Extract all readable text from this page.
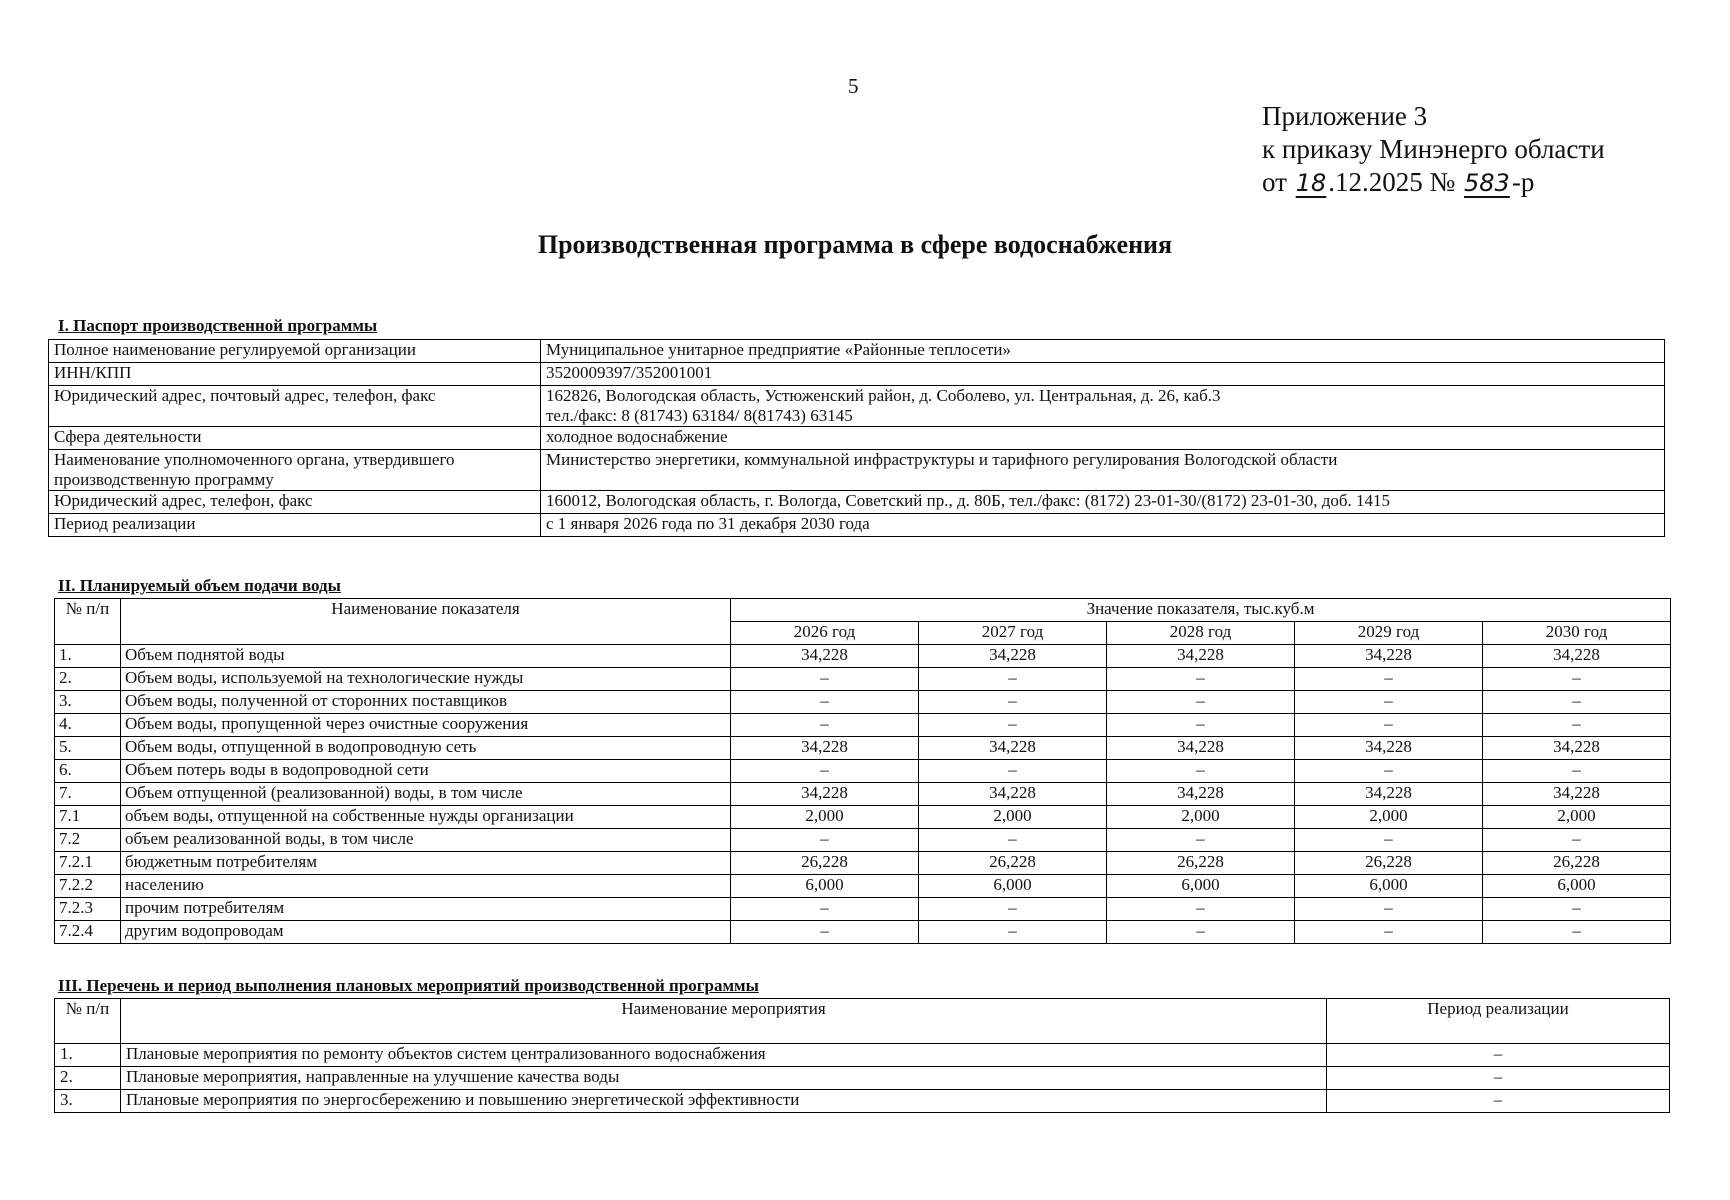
5
Приложение 3
к приказу Минэнерго области
от 18.12.2025 № 583-р
Производственная программа в сфере водоснабжения
I. Паспорт производственной программы
Полное наименование регулируемой организации	Муниципальное унитарное предприятие «Районные теплосети»

ИНН/КПП	3520009397/352001001

Юридический адрес, почтовый адрес, телефон, факс	162826, Вологодская область, Устюженский район, д. Соболево, ул. Центральная, д. 26, каб.3
тел./факс: 8 (81743) 63184/ 8(81743) 63145

Сфера деятельности	холодное водоснабжение

Наименование уполномоченного органа, утвердившего производственную программу	Министерство энергетики, коммунальной инфраструктуры и тарифного регулирования Вологодской области

Юридический адрес, телефон, факс	160012, Вологодская область, г. Вологда, Советский пр., д. 80Б, тел./факс: (8172) 23-01-30/(8172) 23-01-30, доб. 1415

Период реализации	с 1 января 2026 года по 31 декабря 2030 года
II. Планируемый объем подачи воды
№ п/п	Наименование показателя	Значение показателя, тыс.куб.м				
		2026 год	2027 год	2028 год	2029 год	2030 год
1.	Объем поднятой воды	34,228	34,228	34,228	34,228	34,228
2.	Объем воды, используемой на технологические нужды	–	–	–	–	–
3.	Объем воды, полученной от сторонних поставщиков	–	–	–	–	–
4.	Объем воды, пропущенной через очистные сооружения	–	–	–	–	–
5.	Объем воды, отпущенной в водопроводную сеть	34,228	34,228	34,228	34,228	34,228
6.	Объем потерь воды в водопроводной сети	–	–	–	–	–
7.	Объем отпущенной (реализованной) воды, в том числе	34,228	34,228	34,228	34,228	34,228
7.1	объем воды, отпущенной на собственные нужды организации	2,000	2,000	2,000	2,000	2,000
7.2	объем реализованной воды, в том числе	–	–	–	–	–
7.2.1	бюджетным потребителям	26,228	26,228	26,228	26,228	26,228
7.2.2	населению	6,000	6,000	6,000	6,000	6,000
7.2.3	прочим потребителям	–	–	–	–	–
7.2.4	другим водопроводам	–	–	–	–	–
III. Перечень и период выполнения плановых мероприятий производственной программы
№ п/п	Наименование мероприятия	Период реализации
1.	Плановые мероприятия по ремонту объектов систем централизованного водоснабжения	–
2.	Плановые мероприятия, направленные на улучшение качества воды	–
3.	Плановые мероприятия по энергосбережению и повышению энергетической эффективности	–
